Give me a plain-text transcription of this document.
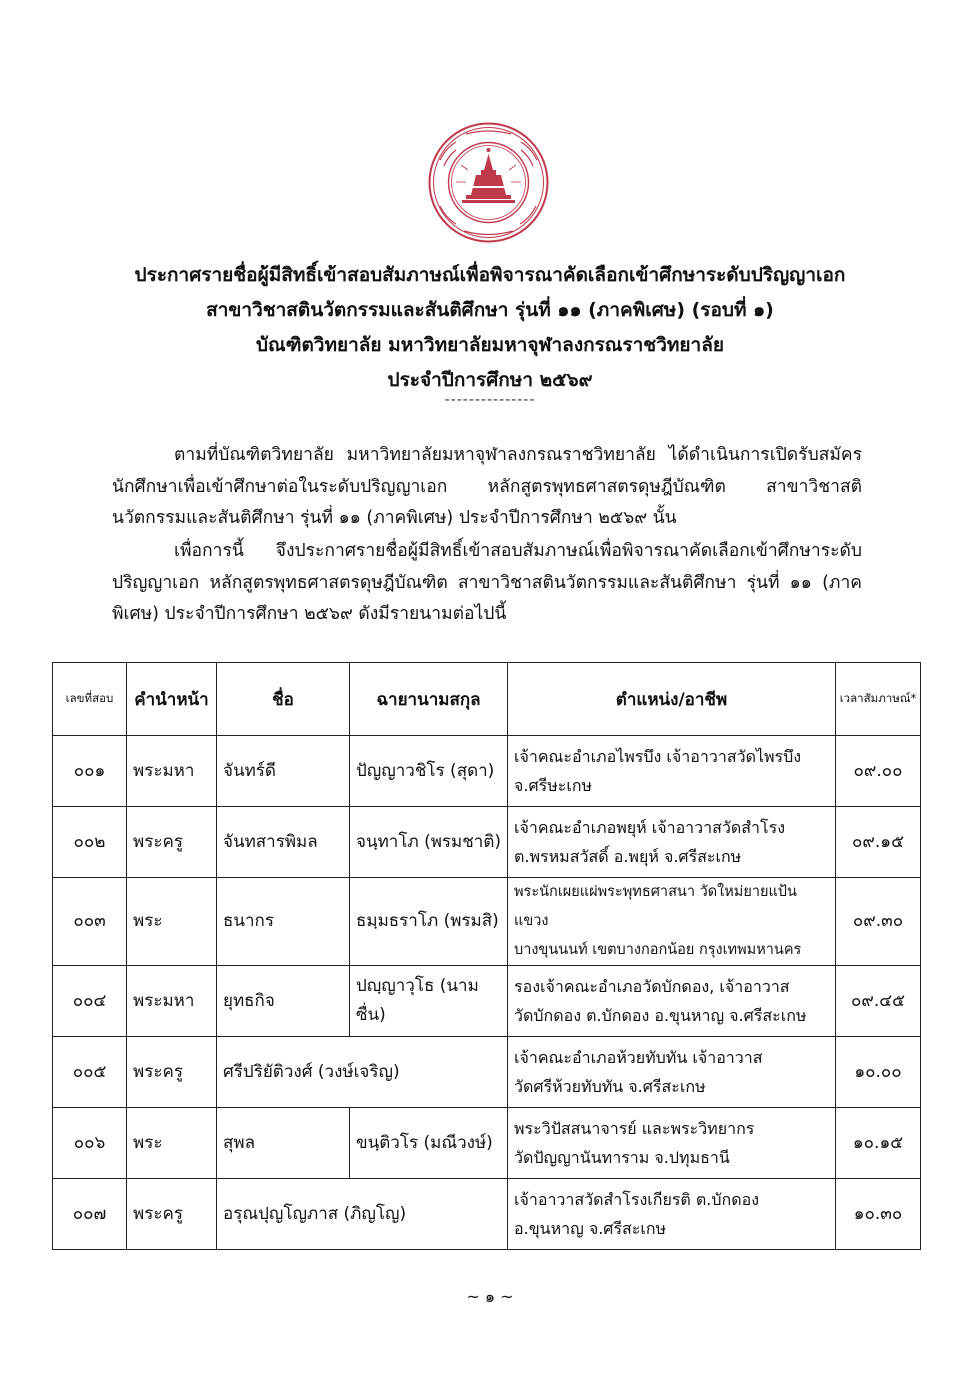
ประกาศรายชื่อผู้มีสิทธิ์เข้าสอบสัมภาษณ์เพื่อพิจารณาคัดเลือกเข้าศึกษาระดับปริญญาเอก
สาขาวิชาสตินวัตกรรมและสันติศึกษา รุ่นที่ ๑๑ (ภาคพิเศษ) (รอบที่ ๑)
บัณฑิตวิทยาลัย มหาวิทยาลัยมหาจุฬาลงกรณราชวิทยาลัย
ประจำปีการศึกษา ๒๕๖๙
---------------
ตามที่บัณฑิตวิทยาลัย มหาวิทยาลัยมหาจุฬาลงกรณราชวิทยาลัย ได้ดำเนินการเปิดรับสมัครนักศึกษาเพื่อเข้าศึกษาต่อในระดับปริญญาเอก หลักสูตรพุทธศาสตรดุษฎีบัณฑิต สาขาวิชาสตินวัตกรรมและสันติศึกษา รุ่นที่ ๑๑ (ภาคพิเศษ) ประจำปีการศึกษา ๒๕๖๙ นั้น
เพื่อการนี้ จึงประกาศรายชื่อผู้มีสิทธิ์เข้าสอบสัมภาษณ์เพื่อพิจารณาคัดเลือกเข้าศึกษาระดับปริญญาเอก หลักสูตรพุทธศาสตรดุษฎีบัณฑิต สาขาวิชาสตินวัตกรรมและสันติศึกษา รุ่นที่ ๑๑ (ภาคพิเศษ) ประจำปีการศึกษา ๒๕๖๙ ดังมีรายนามต่อไปนี้
เลขที่สอบ	คำนำหน้า	ชื่อ	ฉายานามสกุล	ตำแหน่ง/อาชีพ	เวลาสัมภาษณ์*
๐๐๑	พระมหา	จันทร์ดี	ปัญญาวชิโร (สุดา)	เจ้าคณะอำเภอไพรบึง เจ้าอาวาสวัดไพรบึง
จ.ศรีษะเกษ	๐๙.๐๐
๐๐๒	พระครู	จันทสารพิมล	จนฺทาโภ (พรมชาติ)	เจ้าคณะอำเภอพยุห์ เจ้าอาวาสวัดสำโรง
ต.พรหมสวัสดิ์ อ.พยุห์ จ.ศรีสะเกษ	๐๙.๑๕
๐๐๓	พระ	ธนากร	ธมฺมธราโภ (พรมสิ)	พระนักเผยแผ่พระพุทธศาสนา วัดใหม่ยายแป้น แขวง
บางขุนนนท์ เขตบางกอกน้อย กรุงเทพมหานคร	๐๙.๓๐
๐๐๔	พระมหา	ยุทธกิจ	ปญฺญาวุโธ (นามซื่น)	รองเจ้าคณะอำเภอวัดบักดอง, เจ้าอาวาส
วัดบักดอง ต.บักดอง อ.ขุนหาญ จ.ศรีสะเกษ	๐๙.๔๕
๐๐๕	พระครู	ศรีปริยัติวงศ์ (วงษ์เจริญ)		เจ้าคณะอำเภอห้วยทับทัน เจ้าอาวาส
วัดศรีห้วยทับทัน จ.ศรีสะเกษ	๑๐.๐๐
๐๐๖	พระ	สุพล	ขนฺติวโร (มณีวงษ์)	พระวิปัสสนาจารย์ และพระวิทยากร
วัดปัญญานันทาราม จ.ปทุมธานี	๑๐.๑๕
๐๐๗	พระครู	อรุณปุญโญภาส (ภิญโญ)		เจ้าอาวาสวัดสำโรงเกียรติ ต.บักดอง
อ.ขุนหาญ จ.ศรีสะเกษ	๑๐.๓๐
~ ๑ ~
